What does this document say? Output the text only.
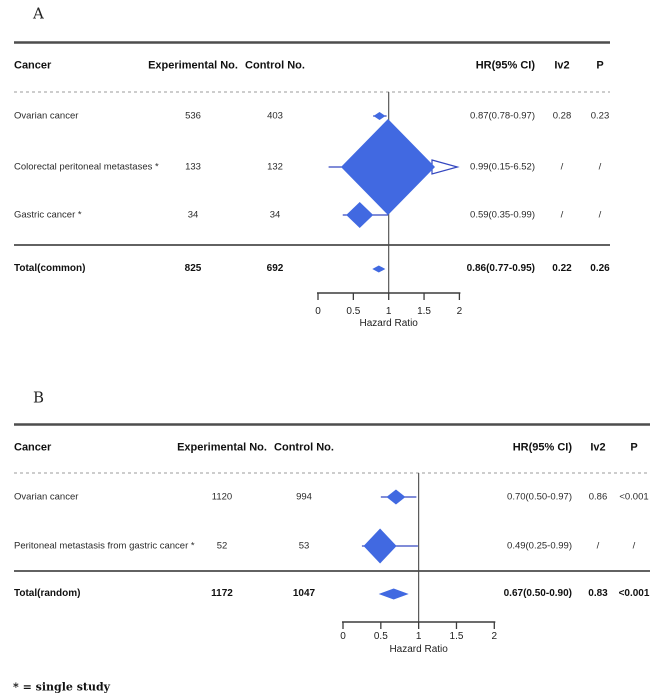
A
Cancer	Experimental No. Control No.	HR(95% CI) Iv2 P
Ovarian cancer	536	403	0.87(0.78-0.97) 0.28 0.23
Colorectal peritoneal metastases *	133	132	0.99(0.15-6.52)	/	/
Gastric cancer *	34	34	0.59(0.35-0.99)	/	/
Total(common)	825	692	0.86(0.77-0.95) 0.22 0.26
0	0.5	1	1.5	2
Hazard Ratio
B
Cancer	Experimental No. Control No.	HR(95% CI) Iv2 P
Ovarian cancer	1120	994	0.70(0.50-0.97) 0.86 <0.001
Peritoneal metastasis from gastric cancer * 52	53	0.49(0.25-0.99)	/	/
Total(random)	1172	1047	0.67(0.50-0.90) 0.83 <0.001
0	0.5	1	1.5	2
Hazard Ratio
* = single study
